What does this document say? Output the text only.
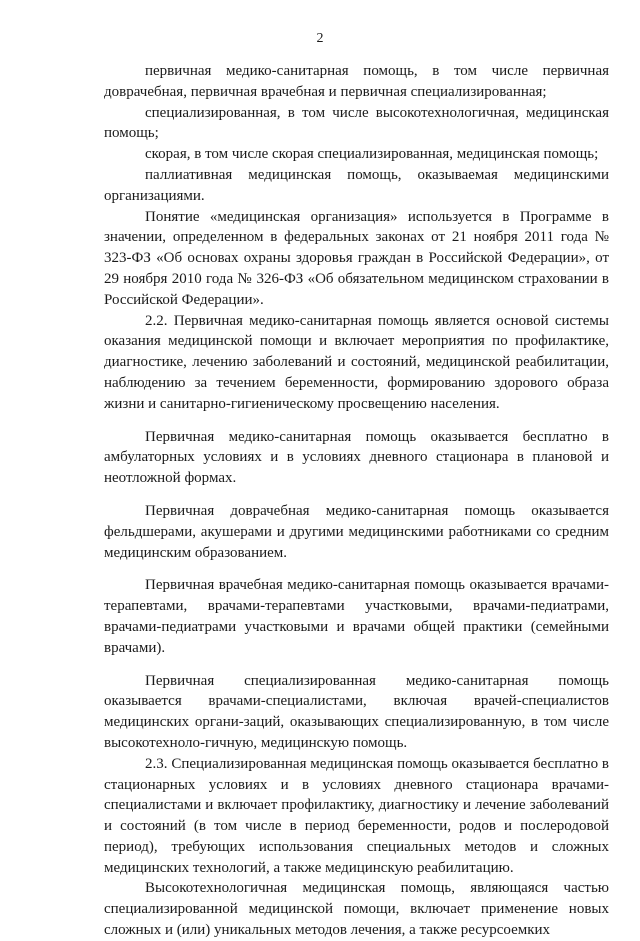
2

первичная медико-санитарная помощь, в том числе первичная доврачебная, первичная врачебная и первичная специализированная;

специализированная, в том числе высокотехнологичная, медицинская помощь;

скорая, в том числе скорая специализированная, медицинская помощь;

паллиативная медицинская помощь, оказываемая медицинскими организациями.

Понятие «медицинская организация» используется в Программе в значении, определенном в федеральных законах от 21 ноября 2011 года № 323-ФЗ «Об основах охраны здоровья граждан в Российской Федерации», от 29 ноября 2010 года № 326-ФЗ «Об обязательном медицинском страховании в Российской Федерации».

2.2. Первичная медико-санитарная помощь является основой системы оказания медицинской помощи и включает мероприятия по профилактике, диагностике, лечению заболеваний и состояний, медицинской реабилитации, наблюдению за течением беременности, формированию здорового образа жизни и санитарно-гигиеническому просвещению населения.

Первичная медико-санитарная помощь оказывается бесплатно в амбулаторных условиях и в условиях дневного стационара в плановой и неотложной формах.

Первичная доврачебная медико-санитарная помощь оказывается фельдшерами, акушерами и другими медицинскими работниками со средним медицинским образованием.

Первичная врачебная медико-санитарная помощь оказывается врачами-терапевтами, врачами-терапевтами участковыми, врачами-педиатрами, врачами-педиатрами участковыми и врачами общей практики (семейными врачами).

Первичная специализированная медико-санитарная помощь оказывается врачами-специалистами, включая врачей-специалистов медицинских органи-заций, оказывающих специализированную, в том числе высокотехноло-гичную, медицинскую помощь.

2.3. Специализированная медицинская помощь оказывается бесплатно в стационарных условиях и в условиях дневного стационара врачами-специалистами и включает профилактику, диагностику и лечение заболеваний и состояний (в том числе в период беременности, родов и послеродовой период), требующих использования специальных методов и сложных медицинских технологий, а также медицинскую реабилитацию.

Высокотехнологичная медицинская помощь, являющаяся частью специализированной медицинской помощи, включает применение новых сложных и (или) уникальных методов лечения, а также ресурсоемких
